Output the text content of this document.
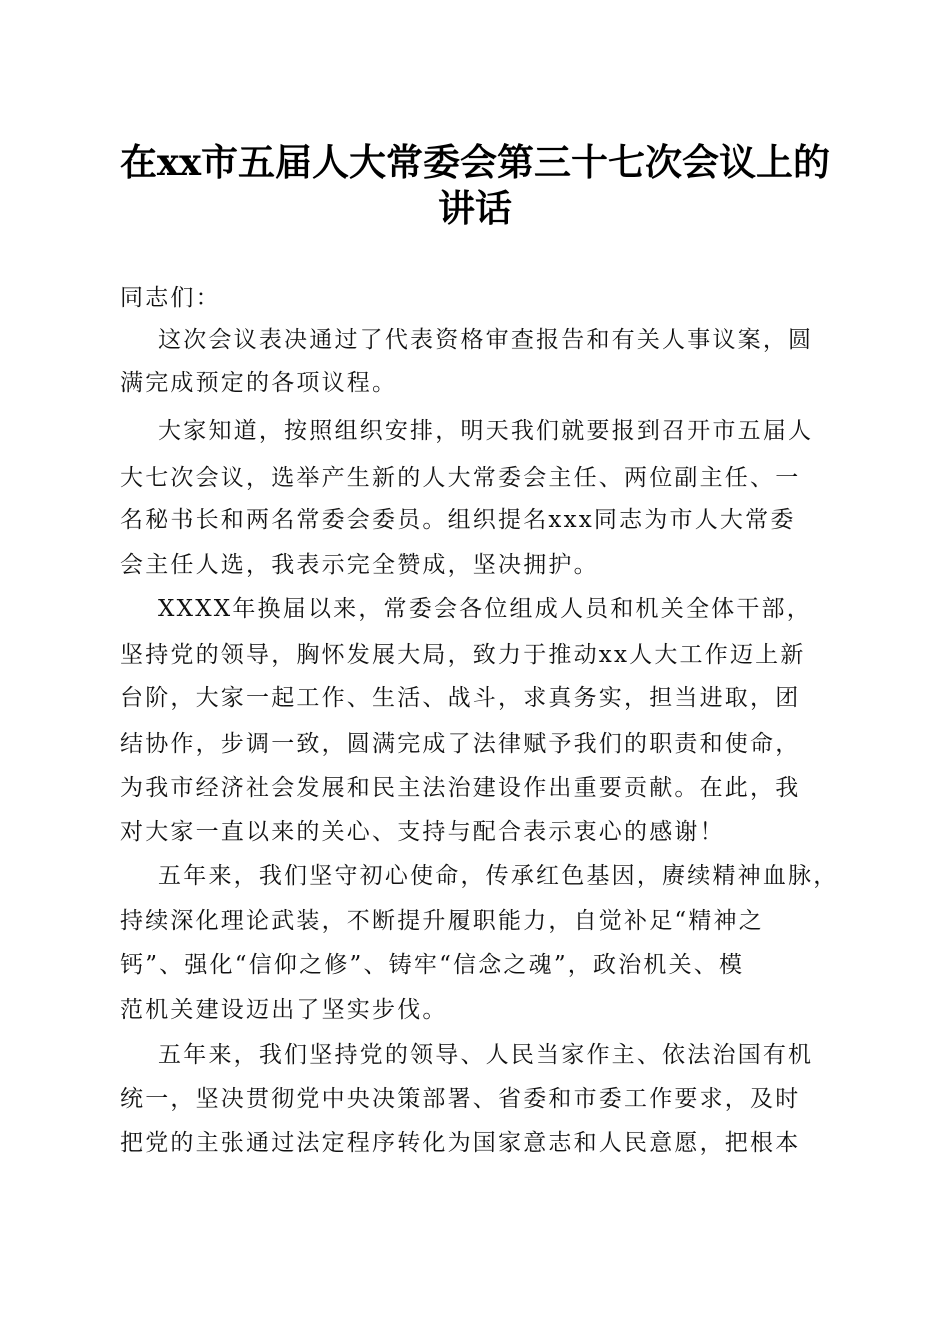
在xx市五届人大常委会第三十七次会议上的
讲话
同志们：
这次会议表决通过了代表资格审查报告和有关人事议案，圆
满完成预定的各项议程。
大家知道，按照组织安排，明天我们就要报到召开市五届人
大七次会议，选举产生新的人大常委会主任、两位副主任、一
名秘书长和两名常委会委员。组织提名xxx同志为市人大常委
会主任人选，我表示完全赞成，坚决拥护。
XXXX年换届以来，常委会各位组成人员和机关全体干部，
坚持党的领导，胸怀发展大局，致力于推动xx人大工作迈上新
台阶，大家一起工作、生活、战斗，求真务实，担当进取，团
结协作，步调一致，圆满完成了法律赋予我们的职责和使命，
为我市经济社会发展和民主法治建设作出重要贡献。在此，我
对大家一直以来的关心、支持与配合表示衷心的感谢！
五年来，我们坚守初心使命，传承红色基因，赓续精神血脉，
持续深化理论武装，不断提升履职能力，自觉补足“精神之
钙”、强化“信仰之修”、铸牢“信念之魂”，政治机关、模
范机关建设迈出了坚实步伐。
五年来，我们坚持党的领导、人民当家作主、依法治国有机
统一，坚决贯彻党中央决策部署、省委和市委工作要求，及时
把党的主张通过法定程序转化为国家意志和人民意愿，把根本
